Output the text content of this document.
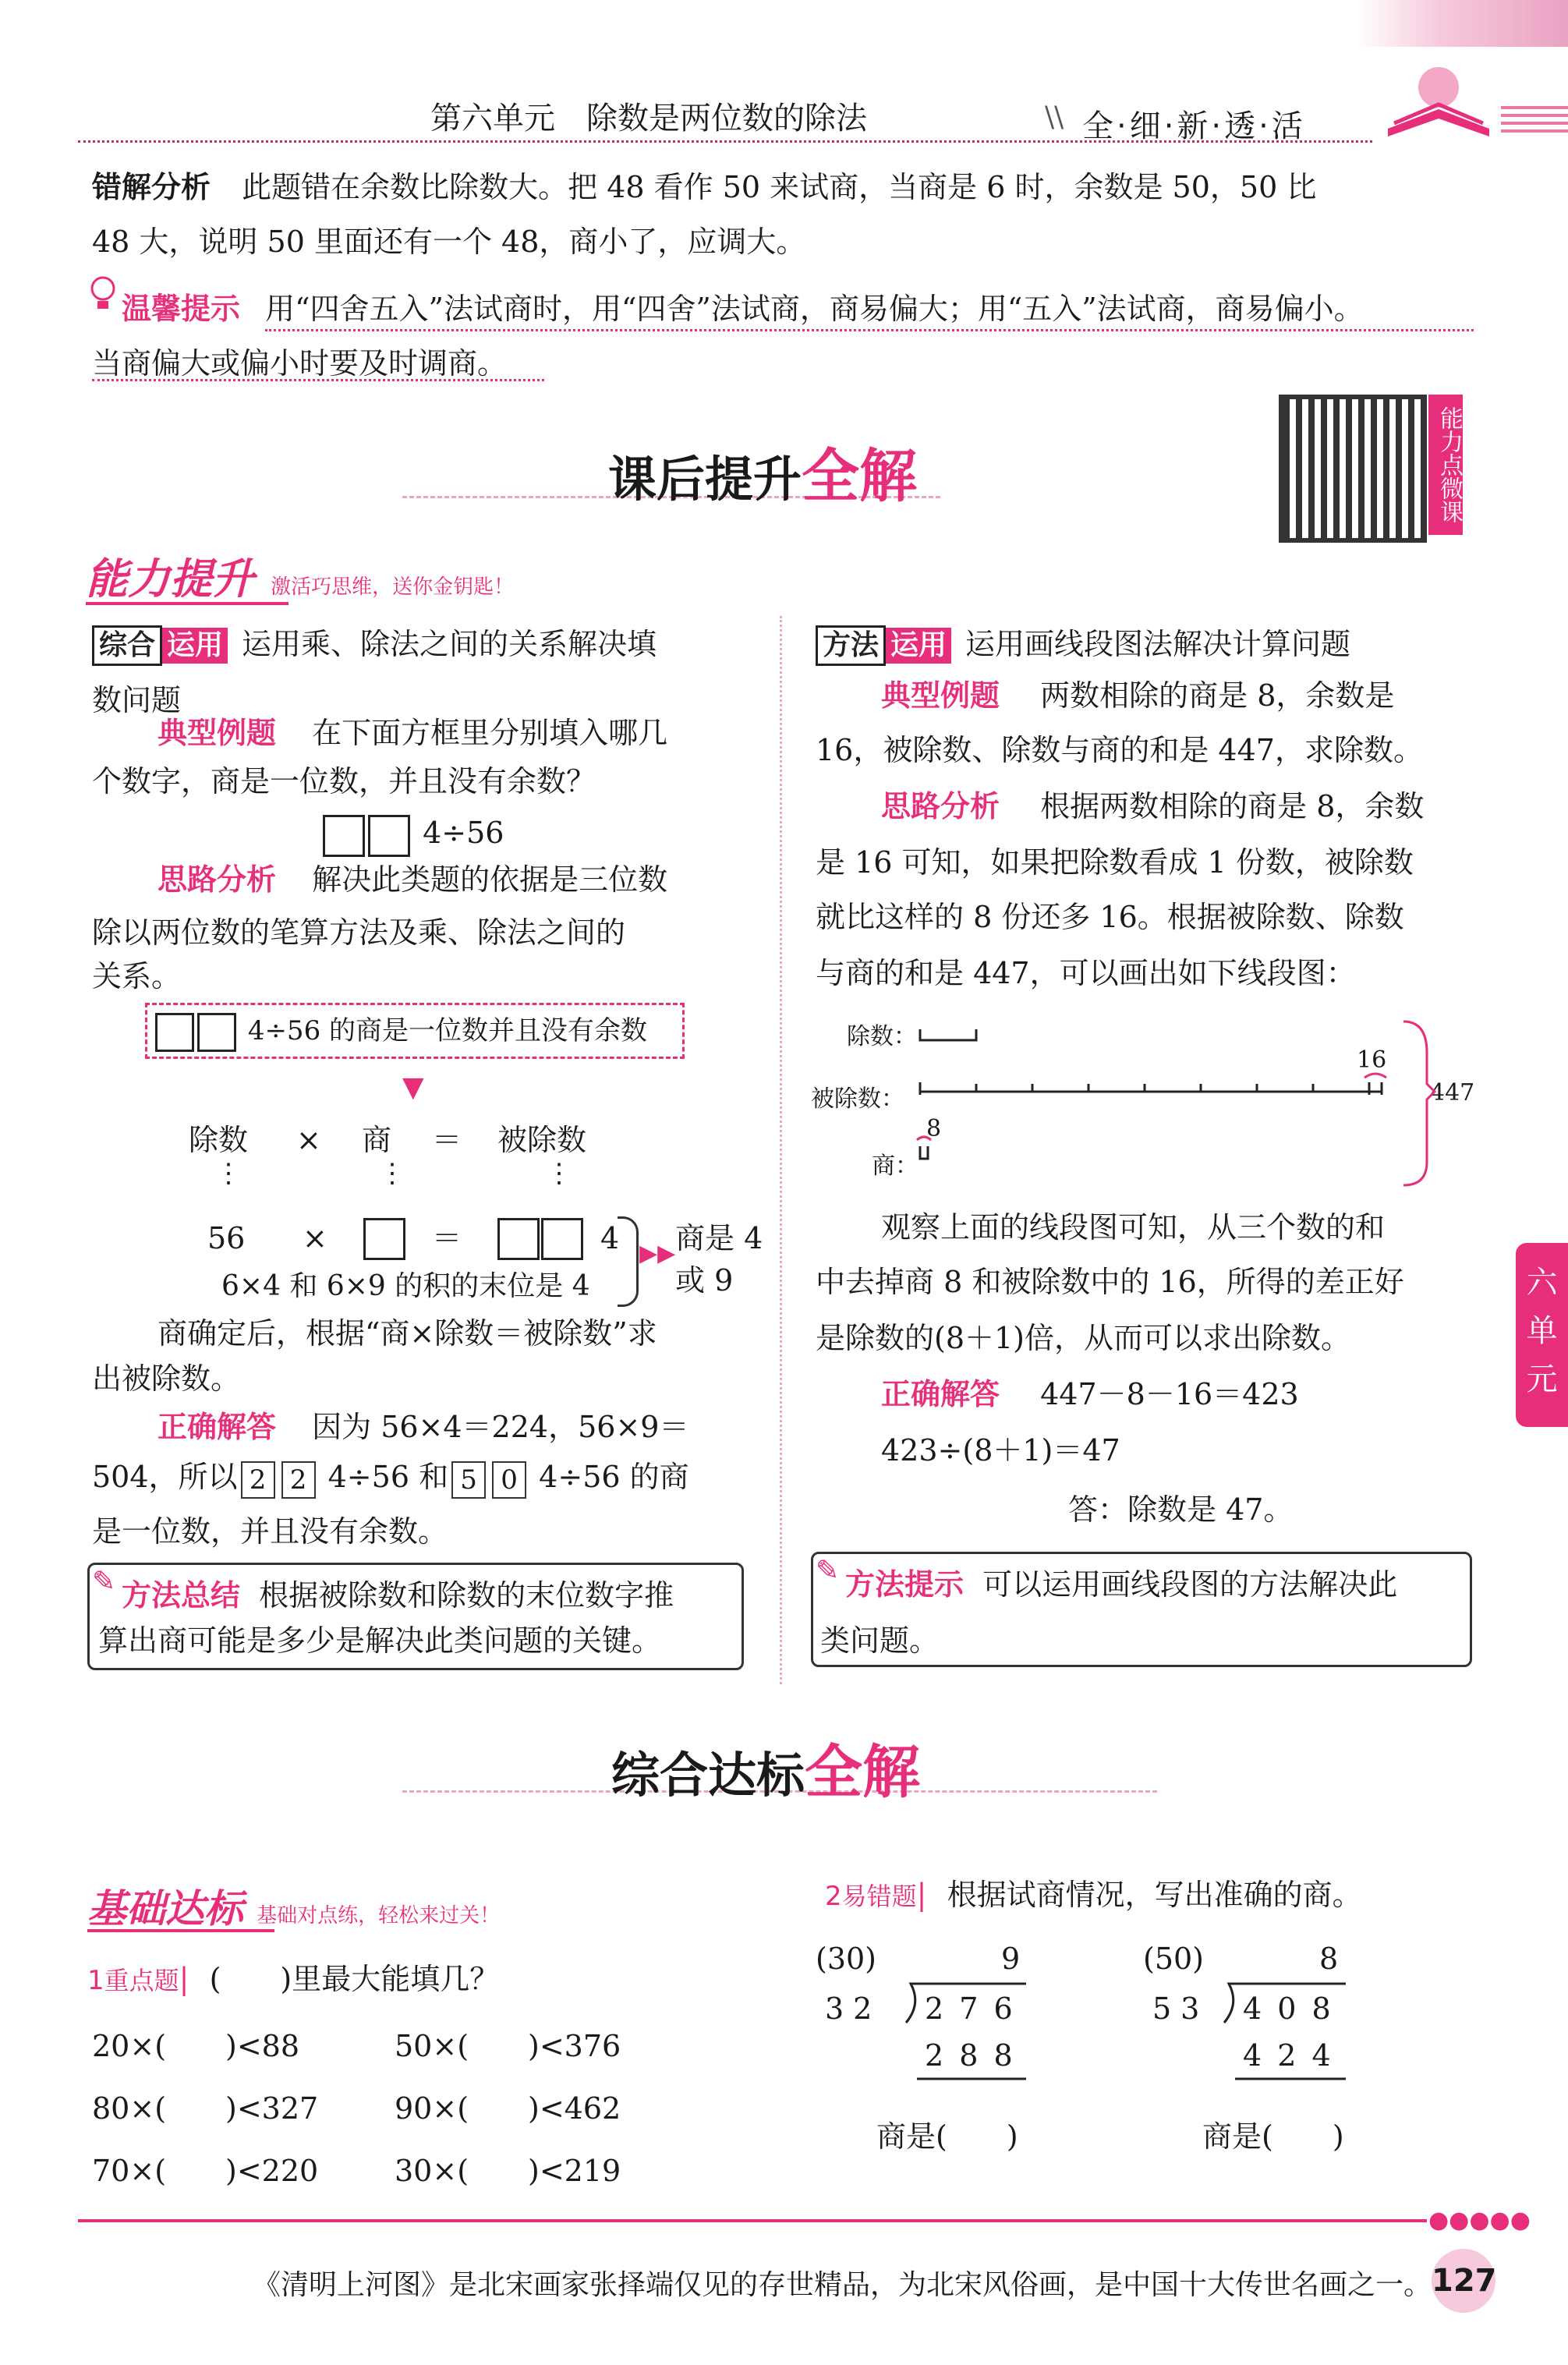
第六单元　除数是两位数的除法	\\ 全·细·新·透·活
错解分析 此题错在余数比除数大。把 48 看作 50 来试商，当商是 6 时，余数是 50，50 比
48 大，说明 50 里面还有一个 48，商小了，应调大。
温馨提示 用“四舍五入”法试商时，用“四舍”法试商，商易偏大；用“五入”法试商，商易偏小。
当商偏大或偏小时要及时调商。
课后提升全解	能力点微课
能力提升 激活巧思维，送你金钥匙！
综合 运用 运用乘、除法之间的关系解决填
数问题
典型例题 在下面方框里分别填入哪几
个数字，商是一位数，并且没有余数？
4÷56
思路分析 解决此类题的依据是三位数
除以两位数的笔算方法及乘、除法之间的
关系。
4÷56 的商是一位数并且没有余数
▼
除数 × 商 ＝ 被除数
⋮	⋮	⋮
56 ×	＝	4 ▶▶
6×4 和 6×9 的积的末位是 4
商是 4
或 9
商确定后，根据“商×除数＝被除数”求
出被除数。
正确解答 因为 56×4＝224，56×9＝
504，所以 2 2 4÷56 和 5 0 4÷56 的商
是一位数，并且没有余数。
✎ 方法总结 根据被除数和除数的末位数字推
算出商可能是多少是解决此类问题的关键。
方法 运用 运用画线段图法解决计算问题
典型例题 两数相除的商是 8，余数是
16，被除数、除数与商的和是 447，求除数。
思路分析 根据两数相除的商是 8，余数
是 16 可知，如果把除数看成 1 份数，被除数
就比这样的 8 份还多 16。根据被除数、除数
与商的和是 447，可以画出如下线段图：
除数：
被除数：
商：
16
8
447
观察上面的线段图可知，从三个数的和
中去掉商 8 和被除数中的 16，所得的差正好
是除数的(8＋1)倍，从而可以求出除数。
正确解答 447－8－16＝423
423÷(8＋1)＝47
答：除数是 47。
✎ 方法提示 可以运用画线段图的方法解决此
类问题。
六单元
综合达标全解
基础达标 基础对点练，轻松来过关！
1重点题| (　　)里最大能填几？
20×(　　)<88	50×(　　)<376
80×(　　)<327	90×(　　)<462
70×(　　)<220	30×(　　)<219
2易错题| 根据试商情况，写出准确的商。
(30)	9
32 2 7 6
2 8 8
商是(　　)
(50)	8
53 4 0 8
4 2 4
商是(　　)
●●●●●
《清明上河图》是北宋画家张择端仅见的存世精品，为北宋风俗画，是中国十大传世名画之一。 127
